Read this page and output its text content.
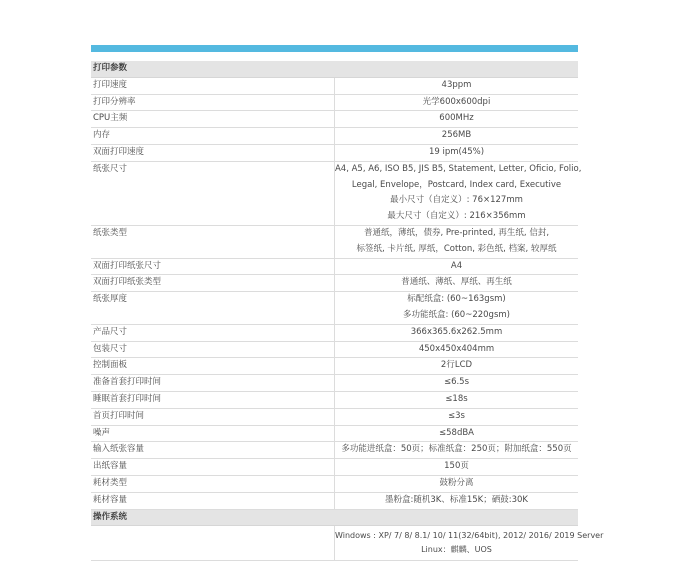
打印参数	

打印速度	43ppm

打印分辨率	光学600x600dpi

CPU主频	600MHz

内存	256MB

双面打印速度	19 ipm(45%)

纸张尺寸	A4, A5, A6, ISO B5, JIS B5, Statement, Letter, Oficio, Folio,
Legal, Envelope，Postcard, Index card, Executive
最小尺寸（自定义）: 76×127mm
最大尺寸（自定义）: 216×356mm

纸张类型	普通纸，薄纸，债券, Pre-printed, 再生纸, 信封,
标签纸, 卡片纸, 厚纸，Cotton, 彩色纸, 档案, 较厚纸

双面打印纸张尺寸	A4

双面打印纸张类型	普通纸、薄纸、厚纸、再生纸

纸张厚度	标配纸盒: (60~163gsm)
多功能纸盒: (60~220gsm)

产品尺寸	366x365.6x262.5mm

包装尺寸	450x450x404mm

控制面板	2行LCD

准备首套打印时间	≤6.5s

睡眠首套打印时间	≤18s

首页打印时间	≤3s

噪声	≤58dBA

输入纸张容量	多功能进纸盒：50页；标准纸盒：250页；附加纸盒：550页

出纸容量	150页

耗材类型	鼓粉分离

耗材容量	墨粉盒:随机3K、标准15K；硒鼓:30K

操作系统	

	Windows : XP/ 7/ 8/ 8.1/ 10/ 11(32/64bit), 2012/ 2016/ 2019 Server
Linux：麒麟、UOS
